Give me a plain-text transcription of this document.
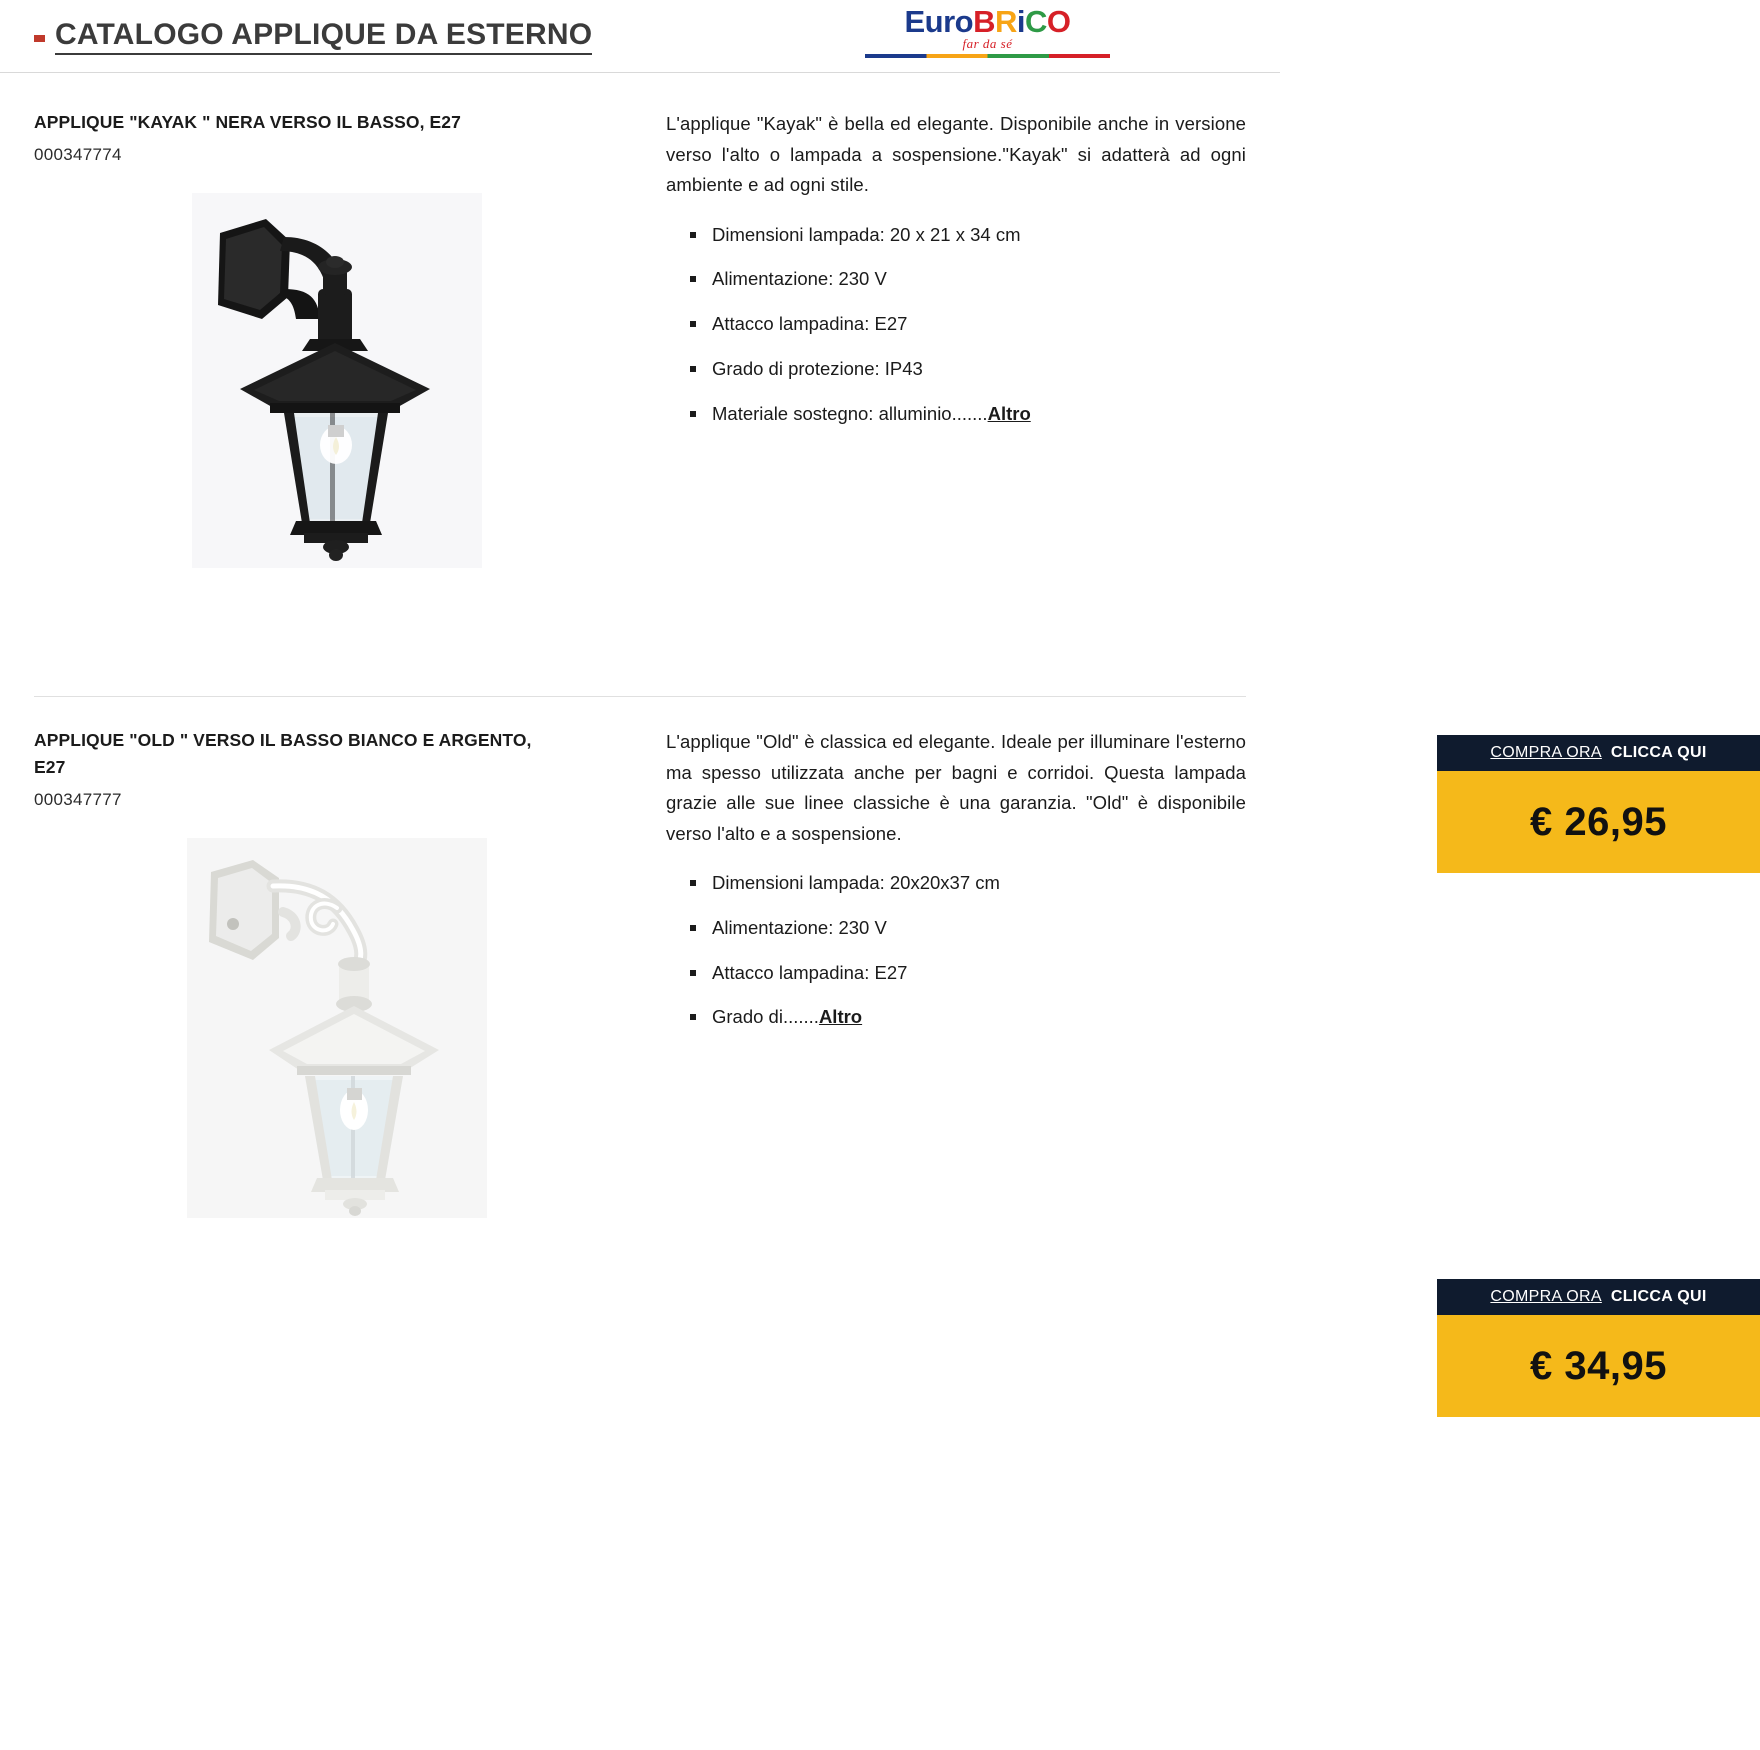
CATALOGO APPLIQUE DA ESTERNO	EuroBRiCO
far da sé
APPLIQUE "KAYAK " NERA VERSO IL BASSO, E27
000347774
L'applique "Kayak" è bella ed elegante. Disponibile anche in versione verso l'alto o lampada a sospensione."Kayak" si adatterà ad ogni ambiente e ad ogni stile.
Dimensioni lampada: 20 x 21 x 34 cm
Alimentazione: 230 V
Attacco lampadina: E27
Grado di protezione: IP43
Materiale sostegno: alluminio.......Altro
COMPRA ORA CLICCA QUI
€ 26,95
APPLIQUE "OLD " VERSO IL BASSO BIANCO E ARGENTO, E27
000347777
L'applique "Old" è classica ed elegante. Ideale per illuminare l'esterno ma spesso utilizzata anche per bagni e corridoi. Questa lampada grazie alle sue linee classiche è una garanzia. "Old" è disponibile verso l'alto e a sospensione.
Dimensioni lampada: 20x20x37 cm
Alimentazione: 230 V
Attacco lampadina: E27
Grado di.......Altro
COMPRA ORA CLICCA QUI
€ 34,95
